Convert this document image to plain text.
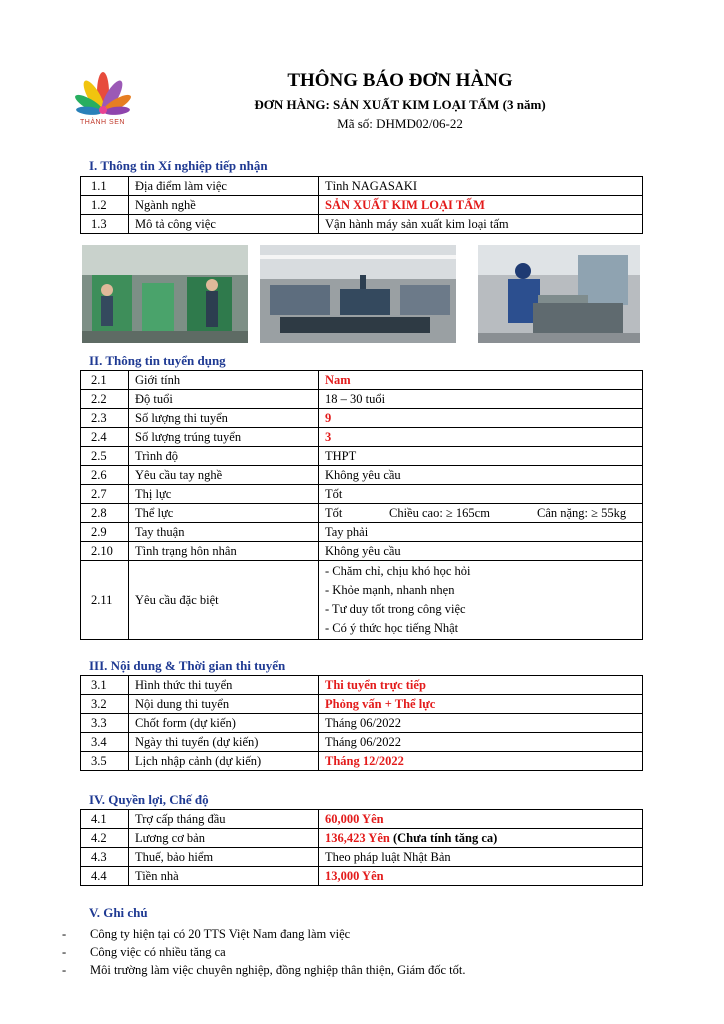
THÀNH SEN
THÔNG BÁO ĐƠN HÀNG
ĐƠN HÀNG: SẢN XUẤT KIM LOẠI TẤM (3 năm)
Mã số: DHMD02/06-22
I. Thông tin Xí nghiệp tiếp nhận
1.1	Địa điểm làm việc	Tỉnh NAGASAKI
1.2	Ngành nghề	SẢN XUẤT KIM LOẠI TẤM
1.3	Mô tả công việc	Vận hành máy sản xuất kim loại tấm
II. Thông tin tuyển dụng
2.1	Giới tính	Nam
2.2	Độ tuổi	18 – 30 tuổi
2.3	Số lượng thi tuyển	9
2.4	Số lượng trúng tuyển	3
2.5	Trình độ	THPT
2.6	Yêu cầu tay nghề	Không yêu cầu
2.7	Thị lực	Tốt
2.8	Thể lực	Tốt Chiều cao: ≥ 165cm Cân nặng: ≥ 55kg

2.9	Tay thuận	Tay phải
2.10	Tình trạng hôn nhân	Không yêu cầu
2.11	Yêu cầu đặc biệt	- Chăm chỉ, chịu khó học hỏi
- Khỏe mạnh, nhanh nhẹn
- Tư duy tốt trong công việc
- Có ý thức học tiếng Nhật
III. Nội dung & Thời gian thi tuyển
3.1	Hình thức thi tuyển	Thi tuyển trực tiếp
3.2	Nội dung thi tuyển	Phỏng vấn + Thể lực
3.3	Chốt form (dự kiến)	Tháng 06/2022
3.4	Ngày thi tuyển (dự kiến)	Tháng 06/2022
3.5	Lịch nhập cảnh (dự kiến)	Tháng 12/2022
IV. Quyền lợi, Chế độ
4.1	Trợ cấp tháng đầu	60,000 Yên
4.2	Lương cơ bản	136,423 Yên (Chưa tính tăng ca)
4.3	Thuế, bảo hiểm	Theo pháp luật Nhật Bản
4.4	Tiền nhà	13,000 Yên
V. Ghi chú
- Công ty hiện tại có 20 TTS Việt Nam đang làm việc
- Công việc có nhiều tăng ca
- Môi trường làm việc chuyên nghiệp, đồng nghiệp thân thiện, Giám đốc tốt.
